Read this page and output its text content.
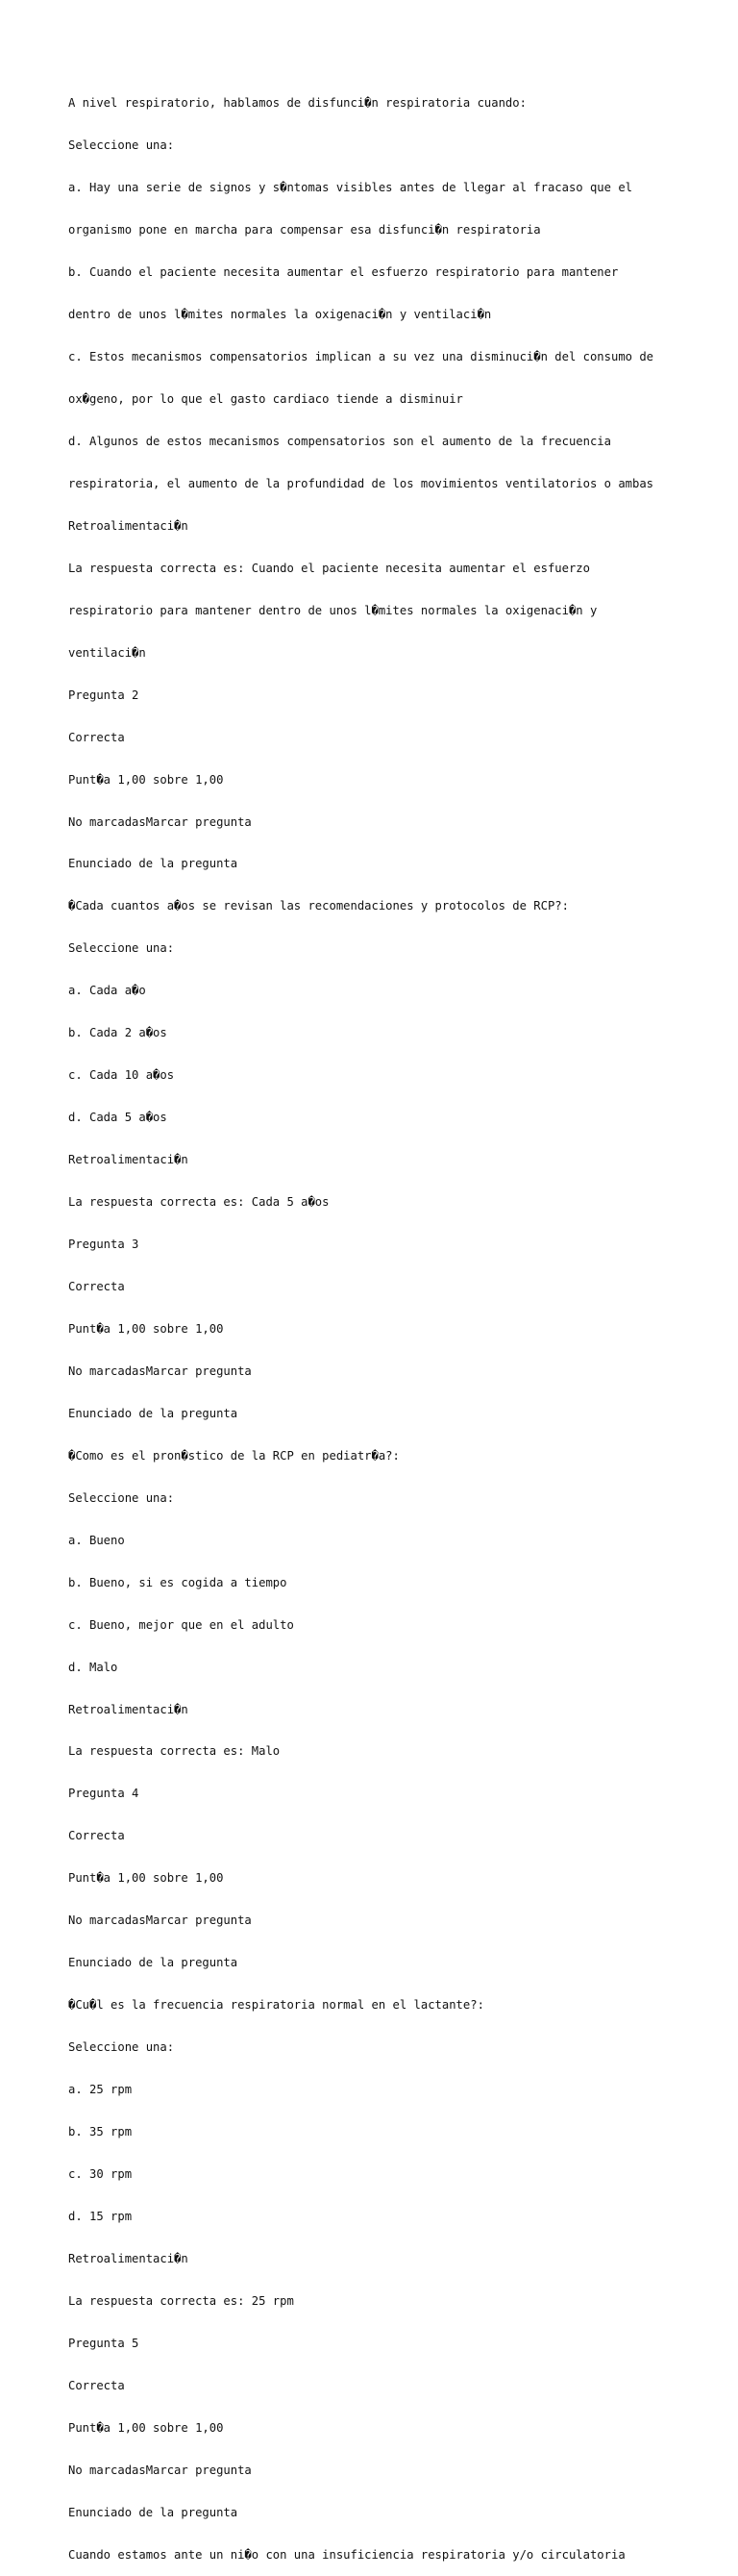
A nivel respiratorio, hablamos de disfunci�n respiratoria cuando:

Seleccione una:

a. Hay una serie de signos y s�ntomas visibles antes de llegar al fracaso que el

organismo pone en marcha para compensar esa disfunci�n respiratoria

b. Cuando el paciente necesita aumentar el esfuerzo respiratorio para mantener

dentro de unos l�mites normales la oxigenaci�n y ventilaci�n

c. Estos mecanismos compensatorios implican a su vez una disminuci�n del consumo de

ox�geno, por lo que el gasto cardiaco tiende a disminuir

d. Algunos de estos mecanismos compensatorios son el aumento de la frecuencia

respiratoria, el aumento de la profundidad de los movimientos ventilatorios o ambas

Retroalimentaci�n

La respuesta correcta es: Cuando el paciente necesita aumentar el esfuerzo

respiratorio para mantener dentro de unos l�mites normales la oxigenaci�n y

ventilaci�n

Pregunta 2

Correcta

Punt�a 1,00 sobre 1,00

No marcadasMarcar pregunta

Enunciado de la pregunta

�Cada cuantos a�os se revisan las recomendaciones y protocolos de RCP?:

Seleccione una:

a. Cada a�o

b. Cada 2 a�os

c. Cada 10 a�os

d. Cada 5 a�os

Retroalimentaci�n

La respuesta correcta es: Cada 5 a�os

Pregunta 3

Correcta

Punt�a 1,00 sobre 1,00

No marcadasMarcar pregunta

Enunciado de la pregunta

�Como es el pron�stico de la RCP en pediatr�a?:

Seleccione una:

a. Bueno

b. Bueno, si es cogida a tiempo

c. Bueno, mejor que en el adulto

d. Malo

Retroalimentaci�n

La respuesta correcta es: Malo

Pregunta 4

Correcta

Punt�a 1,00 sobre 1,00

No marcadasMarcar pregunta

Enunciado de la pregunta

�Cu�l es la frecuencia respiratoria normal en el lactante?:

Seleccione una:

a. 25 rpm

b. 35 rpm

c. 30 rpm

d. 15 rpm

Retroalimentaci�n

La respuesta correcta es: 25 rpm

Pregunta 5

Correcta

Punt�a 1,00 sobre 1,00

No marcadasMarcar pregunta

Enunciado de la pregunta

Cuando estamos ante un ni�o con una insuficiencia respiratoria y/o circulatoria
